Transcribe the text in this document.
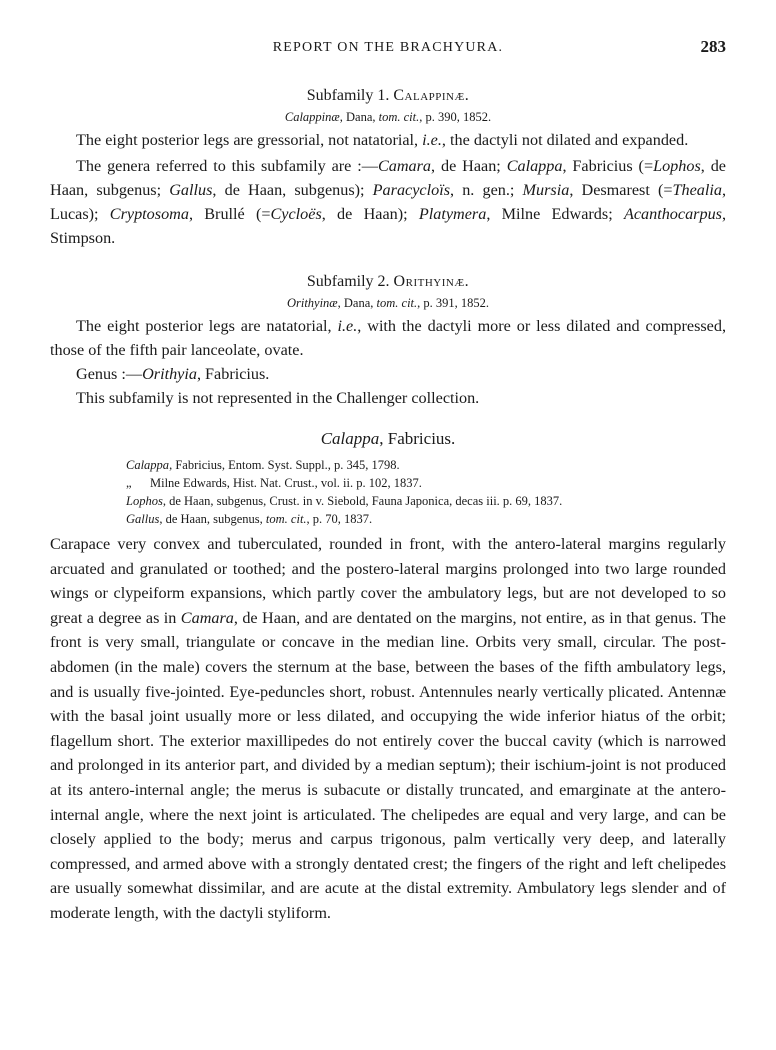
REPORT ON THE BRACHYURA.	283
Subfamily 1. Calappinæ.
Calappinæ, Dana, tom. cit., p. 390, 1852.

The eight posterior legs are gressorial, not natatorial, i.e., the dactyli not dilated and expanded.

The genera referred to this subfamily are :—Camara, de Haan; Calappa, Fabricius (=Lophos, de Haan, subgenus; Gallus, de Haan, subgenus); Paracycloïs, n. gen.; Mursia, Desmarest (=Thealia, Lucas); Cryptosoma, Brullé (=Cycloës, de Haan); Platymera, Milne Edwards; Acanthocarpus, Stimpson.

Subfamily 2. Orithyinæ.
Orithyinæ, Dana, tom. cit., p. 391, 1852.

The eight posterior legs are natatorial, i.e., with the dactyli more or less dilated and compressed, those of the fifth pair lanceolate, ovate.

Genus :—Orithyia, Fabricius.

This subfamily is not represented in the Challenger collection.

Calappa, Fabricius.
Calappa, Fabricius, Entom. Syst. Suppl., p. 345, 1798.
„ Milne Edwards, Hist. Nat. Crust., vol. ii. p. 102, 1837.
Lophos, de Haan, subgenus, Crust. in v. Siebold, Fauna Japonica, decas iii. p. 69, 1837.
Gallus, de Haan, subgenus, tom. cit., p. 70, 1837.
Carapace very convex and tuberculated, rounded in front, with the antero-lateral margins regularly arcuated and granulated or toothed; and the postero-lateral margins prolonged into two large rounded wings or clypeiform expansions, which partly cover the ambulatory legs, but are not developed to so great a degree as in Camara, de Haan, and are dentated on the margins, not entire, as in that genus. The front is very small, triangulate or concave in the median line. Orbits very small, circular. The post-abdomen (in the male) covers the sternum at the base, between the bases of the fifth ambulatory legs, and is usually five-jointed. Eye-peduncles short, robust. Antennules nearly vertically plicated. Antennæ with the basal joint usually more or less dilated, and occupying the wide inferior hiatus of the orbit; flagellum short. The exterior maxillipedes do not entirely cover the buccal cavity (which is narrowed and prolonged in its anterior part, and divided by a median septum); their ischium-joint is not produced at its antero-internal angle; the merus is subacute or distally truncated, and emarginate at the antero-internal angle, where the next joint is articulated. The chelipedes are equal and very large, and can be closely applied to the body; merus and carpus trigonous, palm vertically very deep, and laterally compressed, and armed above with a strongly dentated crest; the fingers of the right and left chelipedes are usually somewhat dissimilar, and are acute at the distal extremity. Ambulatory legs slender and of moderate length, with the dactyli styliform.
